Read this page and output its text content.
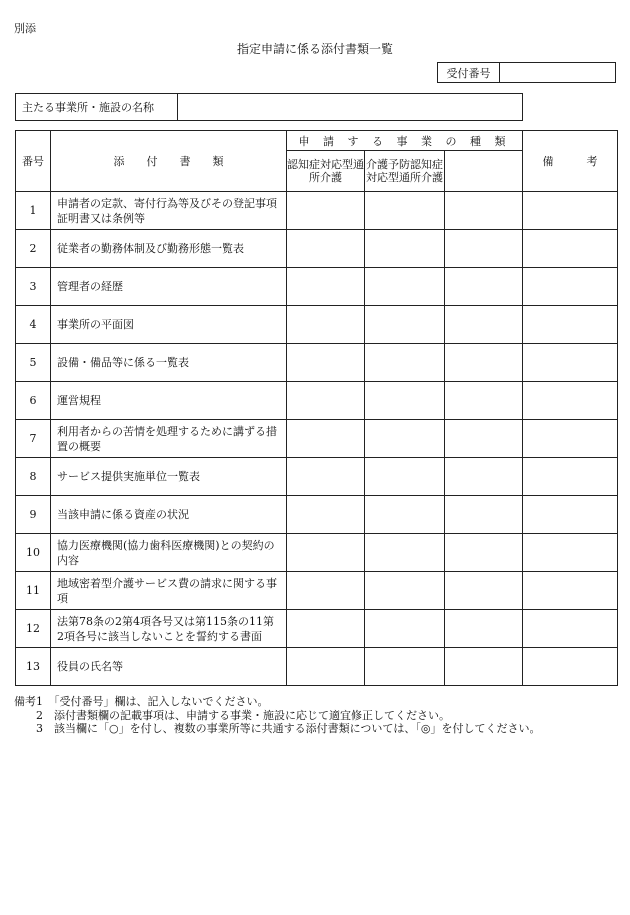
別添
指定申請に係る添付書類一覧
受付番号
主たる事業所・施設の名称
番号	添　　付　　書　　類	申 請 す る 事 業 の 種 類			備　　　考
		認知症対応型通所介護	介護予防認知症対応型通所介護		
1	申請者の定款、寄付行為等及びその登記事項証明書又は条例等				
2	従業者の勤務体制及び勤務形態一覧表				
3	管理者の経歴				
4	事業所の平面図				
5	設備・備品等に係る一覧表				
6	運営規程				
7	利用者からの苦情を処理するために講ずる措置の概要				
8	サービス提供実施単位一覧表				
9	当該申請に係る資産の状況				
10	協力医療機関(協力歯科医療機関)との契約の内容				
11	地域密着型介護サービス費の請求に関する事項				
12	法第78条の2第4項各号又は第115条の11第2項各号に該当しないことを誓約する書面				
13	役員の氏名等				
備考1　「受付番号」欄は、記入しないでください。
　　2　添付書類欄の記載事項は、申請する事業・施設に応じて適宜修正してください。
　　3　該当欄に「○」を付し、複数の事業所等に共通する添付書類については、「◎」を付してください。
